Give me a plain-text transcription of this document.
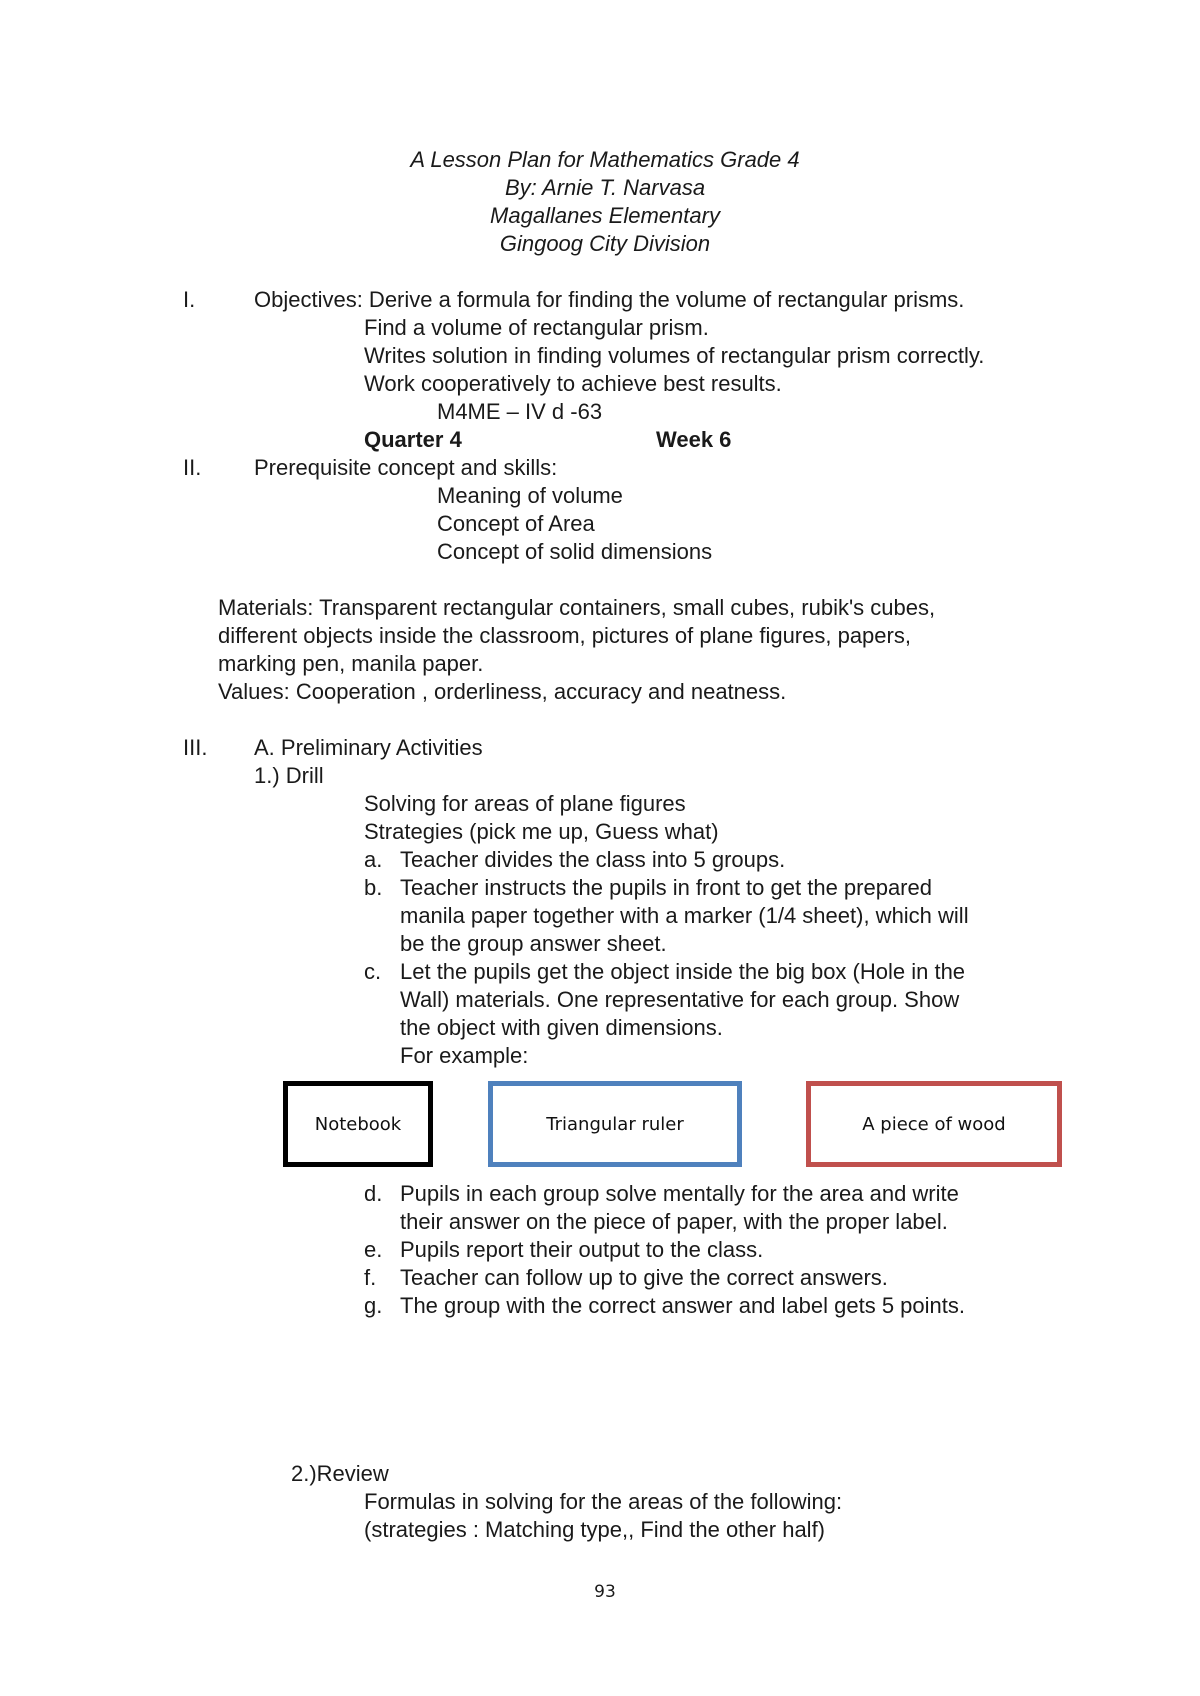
A Lesson Plan for Mathematics Grade 4
By: Arnie T. Narvasa
Magallanes Elementary
Gingoog City Division
I.	Objectives: Derive a formula for finding the volume of rectangular prisms.
Find a volume of rectangular prism.
Writes solution in finding volumes of rectangular prism correctly.
Work cooperatively to achieve best results.
M4ME – IV d -63
Quarter 4	Week 6
II. Prerequisite concept and skills:
Meaning of volume
Concept of Area
Concept of solid dimensions
Materials: Transparent rectangular containers, small cubes, rubik's cubes,
different objects inside the classroom, pictures of plane figures, papers,
marking pen, manila paper.
Values: Cooperation , orderliness, accuracy and neatness.
III. A. Preliminary Activities
1.) Drill
Solving for areas of plane figures
Strategies (pick me up, Guess what)
a. Teacher divides the class into 5 groups.
b. Teacher instructs the pupils in front to get the prepared
manila paper together with a marker (1/4 sheet), which will
be the group answer sheet.
c. Let the pupils get the object inside the big box (Hole in the
Wall) materials. One representative for each group. Show
the object with given dimensions.
For example:
Notebook	Triangular ruler	A piece of wood
d. Pupils in each group solve mentally for the area and write
their answer on the piece of paper, with the proper label.
e. Pupils report their output to the class.
f. Teacher can follow up to give the correct answers.
g. The group with the correct answer and label gets 5 points.
2.)Review
Formulas in solving for the areas of the following:
(strategies : Matching type,, Find the other half)
93
